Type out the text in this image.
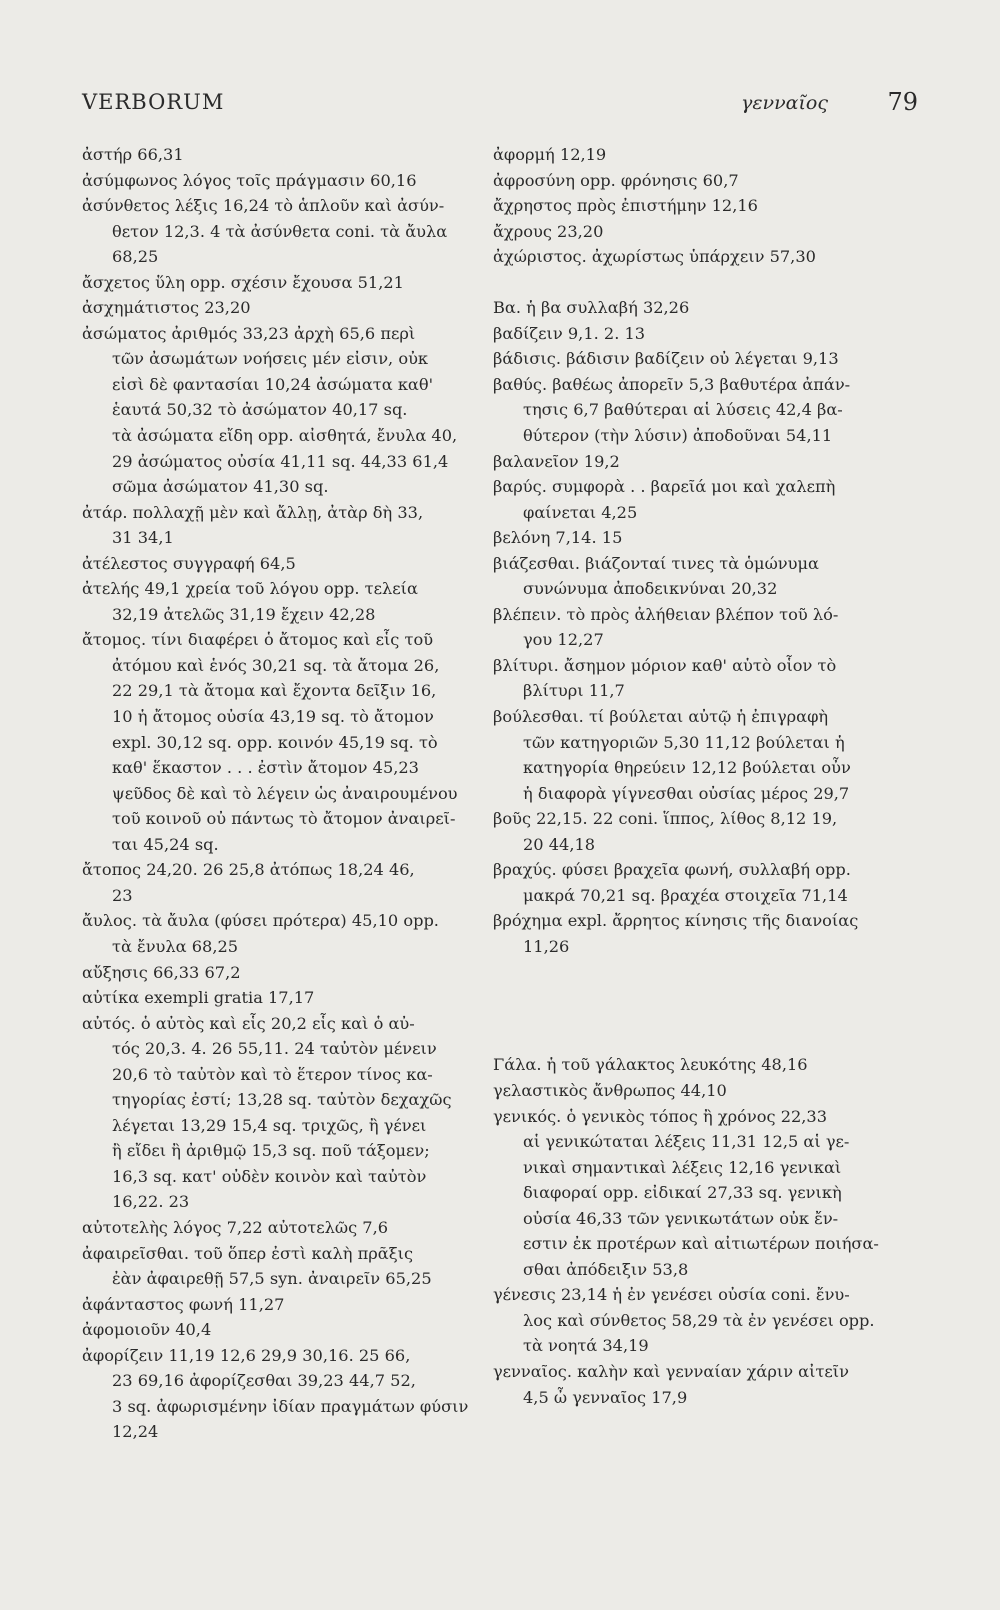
VERBORUM	γενναῖος 79

ἀστήρ 66,31

ἀσύμφωνος λόγος τοῖς πράγμασιν 60,16

ἀσύνθετος λέξις 16,24 τὸ ἁπλοῦν καὶ ἀσύν-
θετον 12,3. 4 τὰ ἀσύνθετα coni. τὰ ἄυλα
68,25

ἄσχετος ὕλη opp. σχέσιν ἔχουσα 51,21

ἀσχημάτιστος 23,20

ἀσώματος ἀριθμός 33,23 ἀρχὴ 65,6 περὶ
τῶν ἀσωμάτων νοήσεις μέν εἰσιν, οὐκ
εἰσὶ δὲ φαντασίαι 10,24 ἀσώματα καθ'
ἑαυτά 50,32 τὸ ἀσώματον 40,17 sq.
τὰ ἀσώματα εἴδη opp. αἰσθητά, ἔνυλα 40,
29 ἀσώματος οὐσία 41,11 sq. 44,33 61,4
σῶμα ἀσώματον 41,30 sq.

ἀτάρ. πολλαχῇ μὲν καὶ ἄλλῃ, ἀτὰρ δὴ 33,
31 34,1

ἀτέλεστος συγγραφή 64,5

ἀτελής 49,1 χρεία τοῦ λόγου opp. τελεία
32,19 ἀτελῶς 31,19 ἔχειν 42,28

ἄτομος. τίνι διαφέρει ὁ ἄτομος καὶ εἷς τοῦ
ἀτόμου καὶ ἑνός 30,21 sq. τὰ ἄτομα 26,
22 29,1 τὰ ἄτομα καὶ ἔχοντα δεῖξιν 16,
10 ἡ ἄτομος οὐσία 43,19 sq. τὸ ἄτομον
expl. 30,12 sq. opp. κοινόν 45,19 sq. τὸ
καθ' ἕκαστον . . . ἐστὶν ἄτομον 45,23
ψεῦδος δὲ καὶ τὸ λέγειν ὡς ἀναιρουμένου
τοῦ κοινοῦ οὐ πάντως τὸ ἄτομον ἀναιρεῖ-
ται 45,24 sq.

ἄτοπος 24,20. 26 25,8 ἀτόπως 18,24 46,
23

ἄυλος. τὰ ἄυλα (φύσει πρότερα) 45,10 opp.
τὰ ἔνυλα 68,25

αὔξησις 66,33 67,2

αὐτίκα exempli gratia 17,17

αὐτός. ὁ αὐτὸς καὶ εἷς 20,2 εἷς καὶ ὁ αὐ-
τός 20,3. 4. 26 55,11. 24 ταὐτὸν μένειν
20,6 τὸ ταὐτὸν καὶ τὸ ἕτερον τίνος κα-
τηγορίας ἐστί; 13,28 sq. ταὐτὸν δεχαχῶς
λέγεται 13,29 15,4 sq. τριχῶς, ἢ γένει
ἢ εἴδει ἢ ἀριθμῷ 15,3 sq. ποῦ τάξομεν;
16,3 sq. κατ' οὐδὲν κοινὸν καὶ ταὐτὸν
16,22. 23

αὐτοτελὴς λόγος 7,22 αὐτοτελῶς 7,6

ἀφαιρεῖσθαι. τοῦ ὅπερ ἐστὶ καλὴ πρᾶξις
ἐὰν ἀφαιρεθῇ 57,5 syn. ἀναιρεῖν 65,25

ἀφάνταστος φωνή 11,27

ἀφομοιοῦν 40,4

ἀφορίζειν 11,19 12,6 29,9 30,16. 25 66,
23 69,16 ἀφορίζεσθαι 39,23 44,7 52,
3 sq. ἀφωρισμένην ἰδίαν πραγμάτων φύσιν
12,24

ἀφορμή 12,19

ἀφροσύνη opp. φρόνησις 60,7

ἄχρηστος πρὸς ἐπιστήμην 12,16

ἄχρους 23,20

ἀχώριστος. ἀχωρίστως ὑπάρχειν 57,30

Βα. ἡ βα συλλαβή 32,26

βαδίζειν 9,1. 2. 13

βάδισις. βάδισιν βαδίζειν οὐ λέγεται 9,13

βαθύς. βαθέως ἀπορεῖν 5,3 βαθυτέρα ἀπάν-
τησις 6,7 βαθύτεραι αἱ λύσεις 42,4 βα-
θύτερον (τὴν λύσιν) ἀποδοῦναι 54,11

βαλανεῖον 19,2

βαρύς. συμφορὰ . . βαρεῖά μοι καὶ χαλεπὴ
φαίνεται 4,25

βελόνη 7,14. 15

βιάζεσθαι. βιάζονταί τινες τὰ ὁμώνυμα
συνώνυμα ἀποδεικνύναι 20,32

βλέπειν. τὸ πρὸς ἀλήθειαν βλέπον τοῦ λό-
γου 12,27

βλίτυρι. ἄσημον μόριον καθ' αὑτὸ οἷον τὸ
βλίτυρι 11,7

βούλεσθαι. τί βούλεται αὐτῷ ἡ ἐπιγραφὴ
τῶν κατηγοριῶν 5,30 11,12 βούλεται ἡ
κατηγορία θηρεύειν 12,12 βούλεται οὖν
ἡ διαφορὰ γίγνεσθαι οὐσίας μέρος 29,7

βοῦς 22,15. 22 coni. ἵππος, λίθος 8,12 19,
20 44,18

βραχύς. φύσει βραχεῖα φωνή, συλλαβή opp.
μακρά 70,21 sq. βραχέα στοιχεῖα 71,14

βρόχημα expl. ἄρρητος κίνησις τῆς διανοίας
11,26

Γάλα. ἡ τοῦ γάλακτος λευκότης 48,16

γελαστικὸς ἄνθρωπος 44,10

γενικός. ὁ γενικὸς τόπος ἢ χρόνος 22,33
αἱ γενικώταται λέξεις 11,31 12,5 αἱ γε-
νικαὶ σημαντικαὶ λέξεις 12,16 γενικαὶ
διαφοραί opp. εἰδικαί 27,33 sq. γενικὴ
οὐσία 46,33 τῶν γενικωτάτων οὐκ ἔν-
εστιν ἐκ προτέρων καὶ αἰτιωτέρων ποιήσα-
σθαι ἀπόδειξιν 53,8

γένεσις 23,14 ἡ ἐν γενέσει οὐσία coni. ἔνυ-
λος καὶ σύνθετος 58,29 τὰ ἐν γενέσει opp.
τὰ νοητά 34,19

γενναῖος. καλὴν καὶ γενναίαν χάριν αἰτεῖν
4,5 ὦ γενναῖος 17,9
